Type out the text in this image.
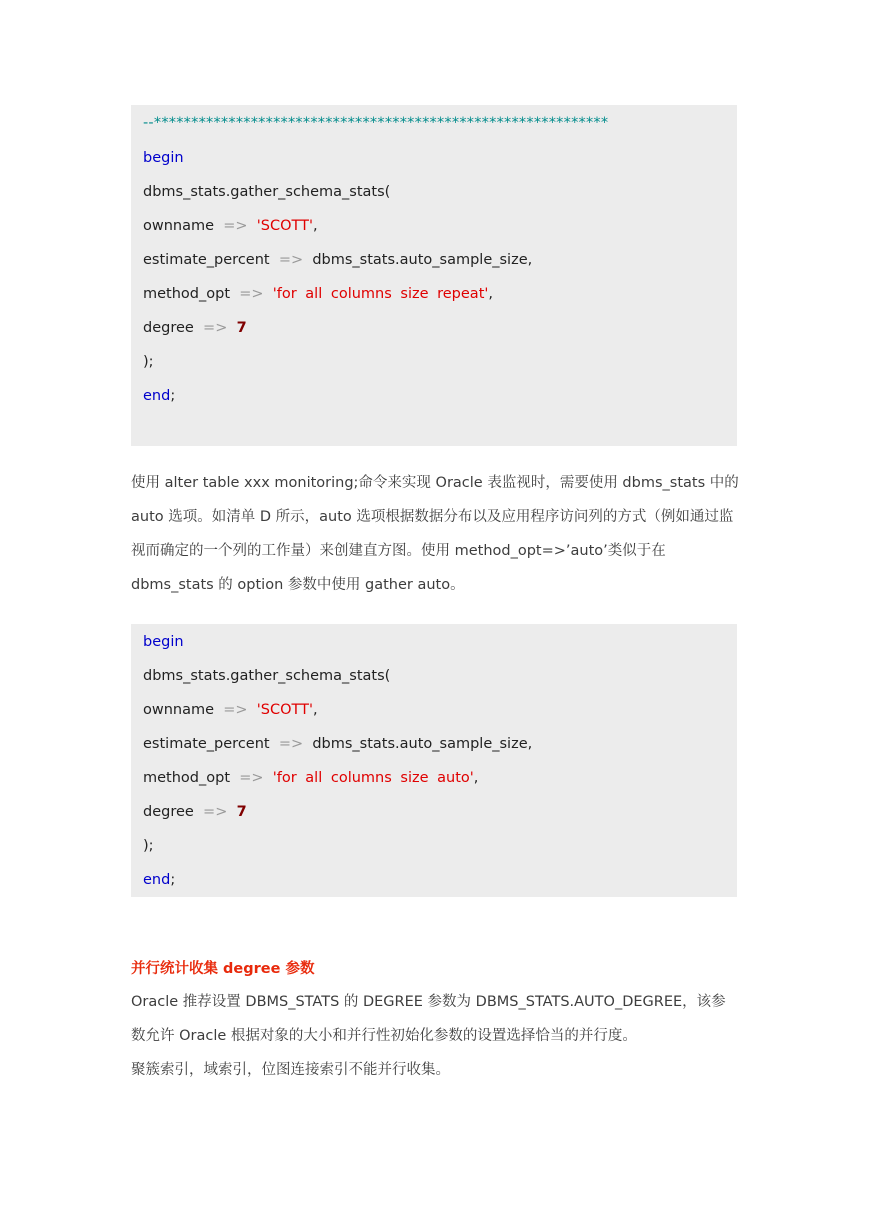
--*************************************************************
begin
dbms_stats.gather_schema_stats(
ownname => 'SCOTT',
estimate_percent => dbms_stats.auto_sample_size,
method_opt => 'for all columns size repeat',
degree => 7
);
end;
使用 alter table xxx monitoring;命令来实现 Oracle 表监视时，需要使用 dbms_stats 中的
auto 选项。如清单 D 所示，auto 选项根据数据分布以及应用程序访问列的方式（例如通过监
视而确定的一个列的工作量）来创建直方图。使用 method_opt=>’auto’类似于在
dbms_stats 的 option 参数中使用 gather auto。
begin
dbms_stats.gather_schema_stats(
ownname => 'SCOTT',
estimate_percent => dbms_stats.auto_sample_size,
method_opt => 'for all columns size auto',
degree => 7
);
end;
并行统计收集 degree 参数
Oracle 推荐设置 DBMS_STATS 的 DEGREE 参数为 DBMS_STATS.AUTO_DEGREE，该参
数允许 Oracle 根据对象的大小和并行性初始化参数的设置选择恰当的并行度。
聚簇索引，域索引，位图连接索引不能并行收集。
